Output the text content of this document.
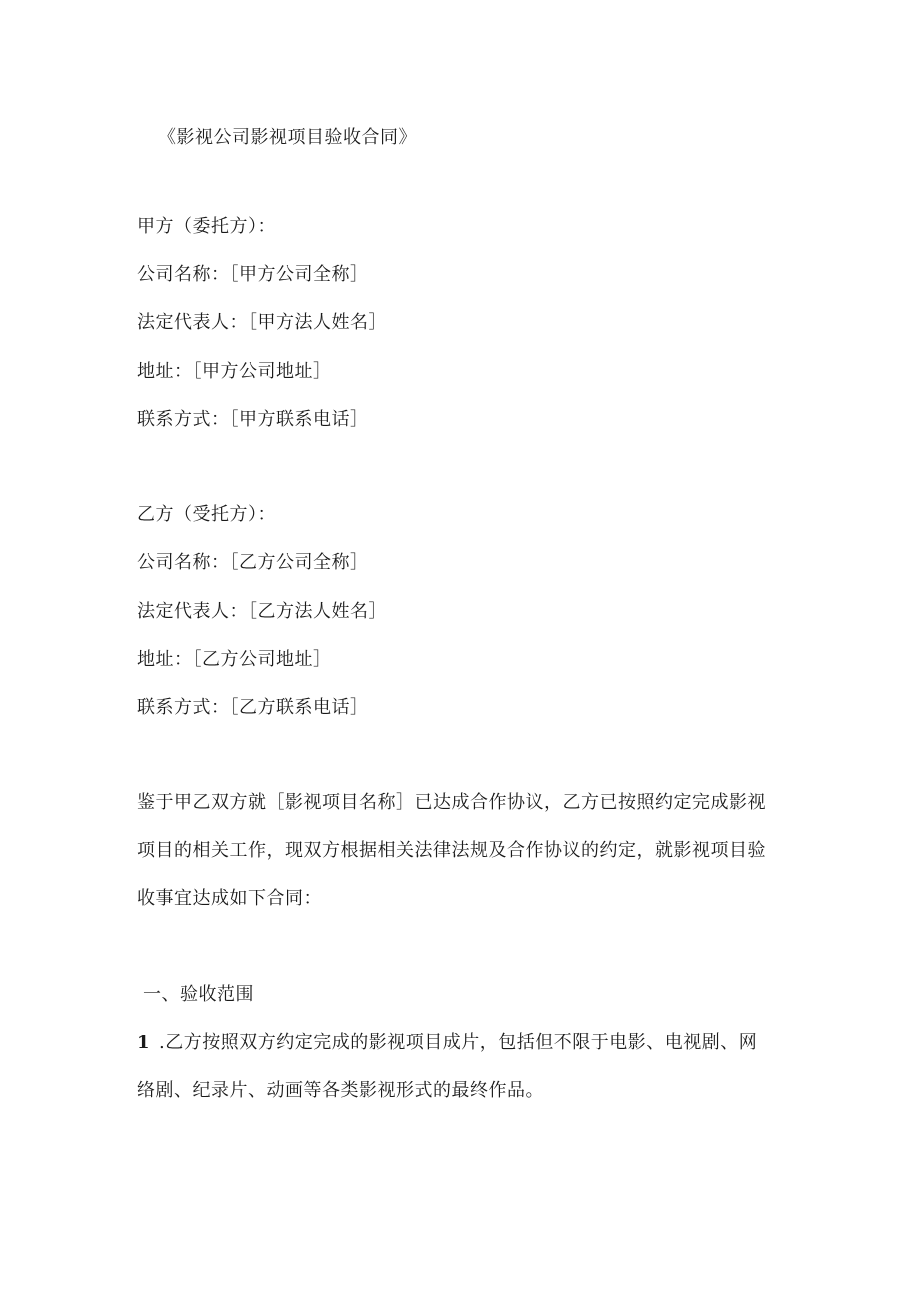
《影视公司影视项目验收合同》
甲方（委托方）：
公司名称：［甲方公司全称］
法定代表人：［甲方法人姓名］
地址：［甲方公司地址］
联系方式：［甲方联系电话］
乙方（受托方）：
公司名称：［乙方公司全称］
法定代表人：［乙方法人姓名］
地址：［乙方公司地址］
联系方式：［乙方联系电话］
鉴于甲乙双方就［影视项目名称］已达成合作协议，乙方已按照约定完成影视
项目的相关工作，现双方根据相关法律法规及合作协议的约定，就影视项目验
收事宜达成如下合同：
一、验收范围
1 .乙方按照双方约定完成的影视项目成片，包括但不限于电影、电视剧、网
络剧、纪录片、动画等各类影视形式的最终作品。
